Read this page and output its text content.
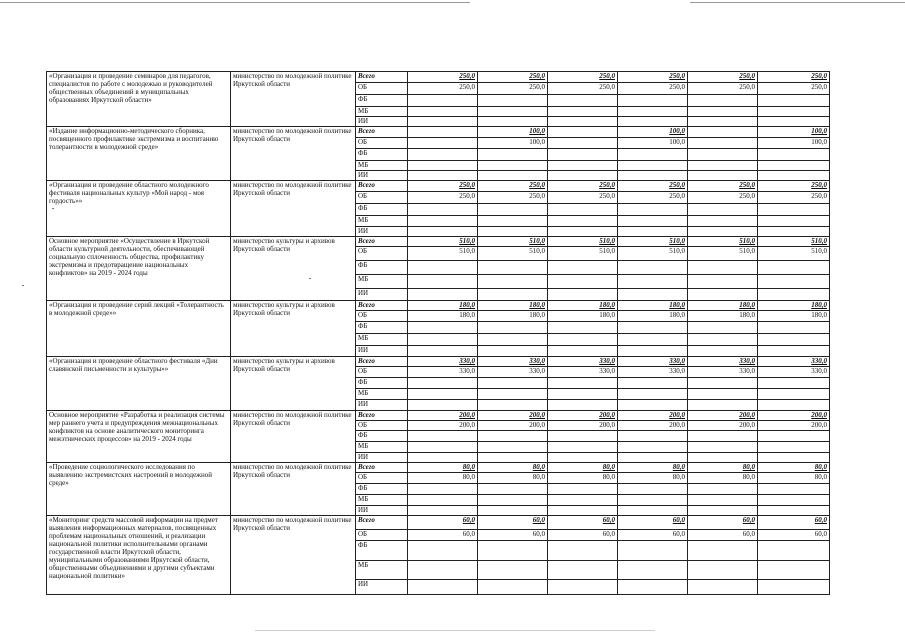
«Организация и проведение семинаров для педагогов, специалистов по работе с молодежью и руководителей общественных объединений в муниципальных образованиях Иркутской области»	министерство по молодежной политике Иркутской области	Всего	250,0	250,0	250,0	250,0	250,0	250,0
		ОБ	250,0	250,0	250,0	250,0	250,0	250,0
		ФБ						
		МБ						
		ИИ						
«Издание информационно-методического сборника, посвященного профилактике экстремизма и воспитанию толерантности в молодежной среде»	министерство по молодежной политике Иркутской области	Всего		100,0		100,0		100,0
		ОБ		100,0		100,0		100,0
		ФБ						
		МБ						
		ИИ						
«Организация и проведение областного молодежного фестиваля национальных культур «Мой народ - моя гордость»»	министерство по молодежной политике Иркутской области	Всего	250,0	250,0	250,0	250,0	250,0	250,0
		ОБ	250,0	250,0	250,0	250,0	250,0	250,0
		ФБ						
		МБ						
		ИИ						
Основное мероприятие «Осуществление в Иркутской области культурной деятельности, обеспечивающей социальную сплоченность общества, профилактику экстремизма и предотвращение национальных конфликтов» на 2019 - 2024 годы	министерство культуры и архивов Иркутской области	Всего	510,0	510,0	510,0	510,0	510,0	510,0
		ОБ	510,0	510,0	510,0	510,0	510,0	510,0
		ФБ						
		МБ						
		ИИ						
«Организация и проведение серий лекций «Толерантность в молодежной среде»»	министерство культуры и архивов Иркутской области	Всего	180,0	180,0	180,0	180,0	180,0	180,0
		ОБ	180,0	180,0	180,0	180,0	180,0	180,0
		ФБ						
		МБ						
		ИИ						
«Организация и проведение областного фестиваля «Дни славянской письменности и культуры»»	министерство культуры и архивов Иркутской области	Всего	330,0	330,0	330,0	330,0	330,0	330,0
		ОБ	330,0	330,0	330,0	330,0	330,0	330,0
		ФБ						
		МБ						
		ИИ						
Основное мероприятие «Разработка и реализация системы мер раннего учета и предупреждения межнациональных конфликтов на основе аналитического мониторинга межэтнических процессов» на 2019 - 2024 годы	министерство по молодежной политике Иркутской области	Всего	200,0	200,0	200,0	200,0	200,0	200,0
		ОБ	200,0	200,0	200,0	200,0	200,0	200,0
		ФБ						
		МБ						
		ИИ						
«Проведение социологического исследования по выявлению экстремистских настроений в молодежной среде»	министерство по молодежной политике Иркутской области	Всего	80,0	80,0	80,0	80,0	80,0	80,0
		ОБ	80,0	80,0	80,0	80,0	80,0	80,0
		ФБ						
		МБ						
		ИИ						
«Мониторинг средств массовой информации на предмет выявления информационных материалов, посвященных проблемам национальных отношений, и реализации национальной политики исполнительными органами государственной власти Иркутской области, муниципальными образованиями Иркутской области, общественными объединениями и другими субъектами национальной политики»	министерство по молодежной политике Иркутской области	Всего	60,0	60,0	60,0	60,0	60,0	60,0
		ОБ	60,0	60,0	60,0	60,0	60,0	60,0
		ФБ						
		МБ						
		ИИ						
